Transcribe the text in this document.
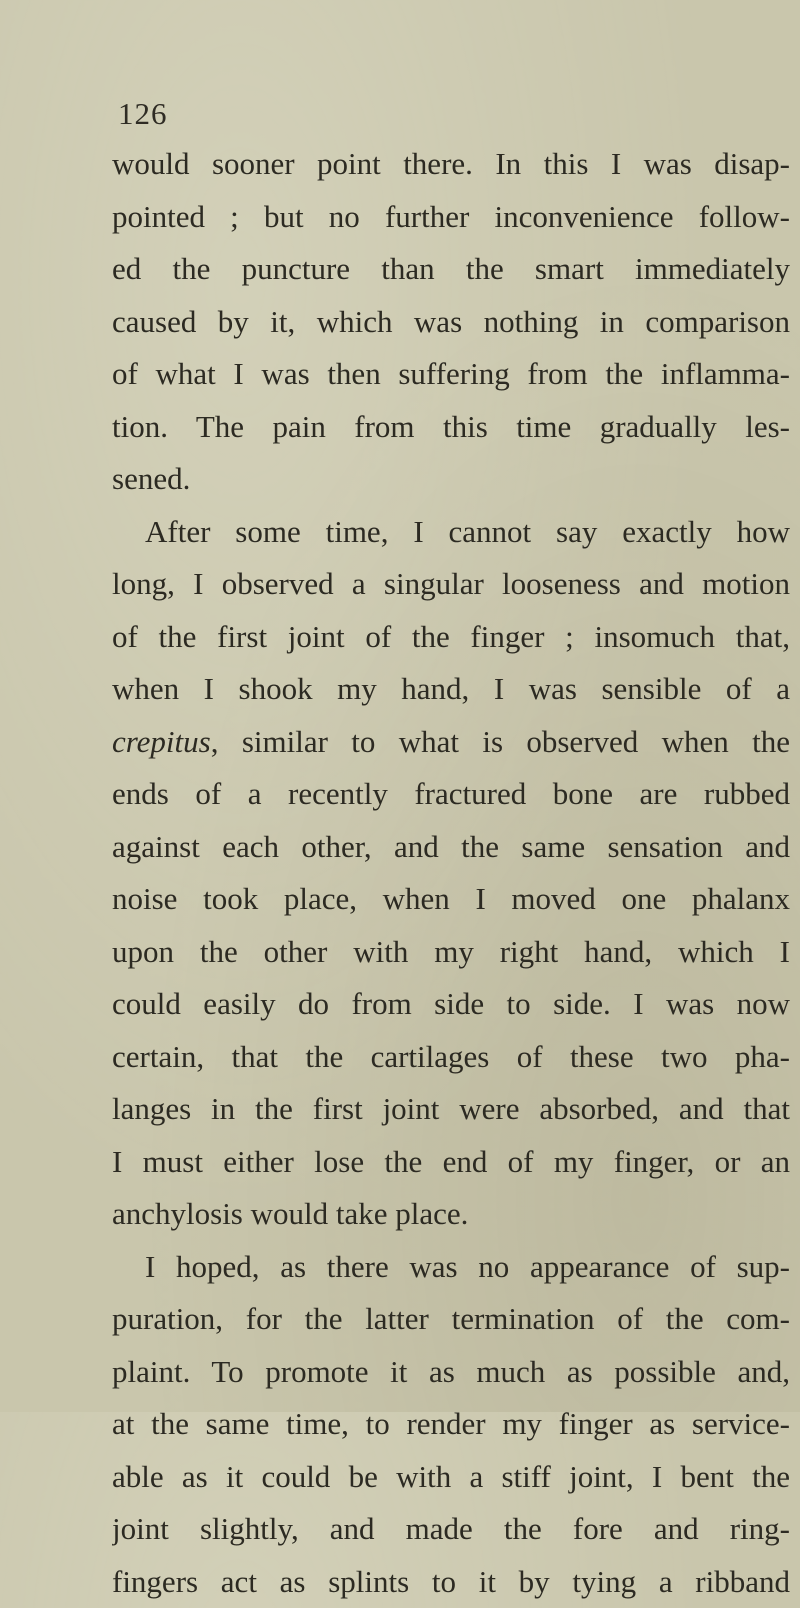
126
would sooner point there. In this I was disap-
pointed ; but no further inconvenience follow-
ed the puncture than the smart immediately
caused by it, which was nothing in comparison
of what I was then suffering from the inflamma-
tion. The pain from this time gradually les-
sened.
After some time, I cannot say exactly how
long, I observed a singular looseness and motion
of the first joint of the finger ; insomuch that,
when I shook my hand, I was sensible of a
crepitus, similar to what is observed when the
ends of a recently fractured bone are rubbed
against each other, and the same sensation and
noise took place, when I moved one phalanx
upon the other with my right hand, which I
could easily do from side to side. I was now
certain, that the cartilages of these two pha-
langes in the first joint were absorbed, and that
I must either lose the end of my finger, or an
anchylosis would take place.
I hoped, as there was no appearance of sup-
puration, for the latter termination of the com-
plaint. To promote it as much as possible and,
at the same time, to render my finger as service-
able as it could be with a stiff joint, I bent the
joint slightly, and made the fore and ring-
fingers act as splints to it by tying a ribband
